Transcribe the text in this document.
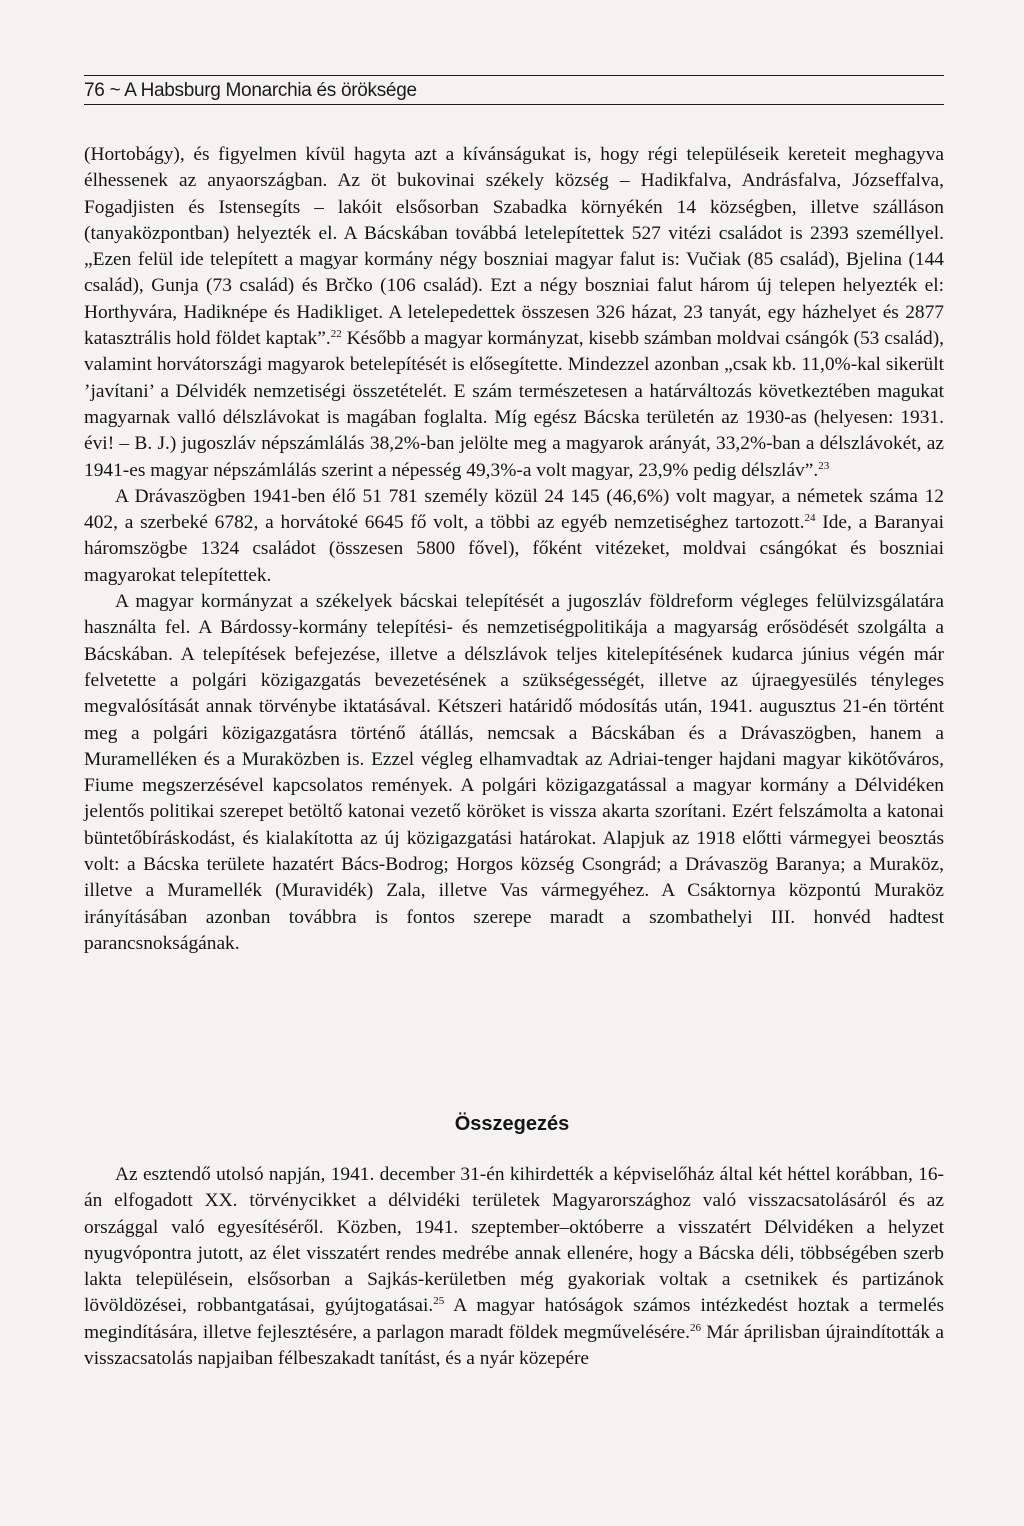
76 ~ A Habsburg Monarchia és öröksége

(Hortobágy), és figyelmen kívül hagyta azt a kívánságukat is, hogy régi településeik kereteit meghagyva élhessenek az anyaországban. Az öt bukovinai székely község – Hadikfalva, Andrásfalva, Józseffalva, Fogadjisten és Istensegíts – lakóit elsősorban Szabadka környékén 14 községben, illetve szálláson (tanyaközpontban) helyezték el. A Bácskában továbbá letelepítettek 527 vitézi családot is 2393 személlyel. „Ezen felül ide telepített a magyar kormány négy boszniai magyar falut is: Vučiak (85 család), Bjelina (144 család), Gunja (73 család) és Brčko (106 család). Ezt a négy boszniai falut három új telepen helyezték el: Horthyvára, Hadiknépe és Hadikliget. A letelepedettek összesen 326 házat, 23 tanyát, egy házhelyet és 2877 katasztrális hold földet kaptak”.$^{22}$ Később a magyar kormányzat, kisebb számban moldvai csángók (53 család), valamint horvátországi magyarok betelepítését is elősegítette. Mindezzel azonban „csak kb. 11,0%-kal sikerült ’javítani’ a Délvidék nemzetiségi összetételét. E szám természetesen a határváltozás következtében magukat magyarnak valló délszlávokat is magában foglalta. Míg egész Bácska területén az 1930-as (helyesen: 1931. évi! – B. J.) jugoszláv népszámlálás 38,2%-ban jelölte meg a magyarok arányát, 33,2%-ban a délszlávokét, az 1941-es magyar népszámlálás szerint a népesség 49,3%-a volt magyar, 23,9% pedig délszláv”.$^{23}$

A Drávaszögben 1941-ben élő 51 781 személy közül 24 145 (46,6%) volt magyar, a németek száma 12 402, a szerbeké 6782, a horvátoké 6645 fő volt, a többi az egyéb nemzetiséghez tartozott.$^{24}$ Ide, a Baranyai háromszögbe 1324 családot (összesen 5800 fővel), főként vitézeket, moldvai csángókat és boszniai magyarokat telepítettek.

A magyar kormányzat a székelyek bácskai telepítését a jugoszláv földreform végleges felülvizsgálatára használta fel. A Bárdossy-kormány telepítési- és nemzetiségpolitikája a magyarság erősödését szolgálta a Bácskában. A telepítések befejezése, illetve a délszlávok teljes kitelepítésének kudarca június végén már felvetette a polgári közigazgatás bevezetésének a szükségességét, illetve az újraegyesülés tényleges megvalósítását annak törvénybe iktatásával. Kétszeri határidő módosítás után, 1941. augusztus 21-én történt meg a polgári közigazgatásra történő átállás, nemcsak a Bácskában és a Drávaszögben, hanem a Muramelléken és a Muraközben is. Ezzel végleg elhamvadtak az Adriai-tenger hajdani magyar kikötőváros, Fiume megszerzésével kapcsolatos remények. A polgári közigazgatással a magyar kormány a Délvidéken jelentős politikai szerepet betöltő katonai vezető köröket is vissza akarta szorítani. Ezért felszámolta a katonai büntetőbíráskodást, és kialakította az új közigazgatási határokat. Alapjuk az 1918 előtti vármegyei beosztás volt: a Bácska területe hazatért Bács-Bodrog; Horgos község Csongrád; a Drávaszög Baranya; a Muraköz, illetve a Muramellék (Muravidék) Zala, illetve Vas vármegyéhez. A Csáktornya központú Muraköz irányításában azonban továbbra is fontos szerepe maradt a szombathelyi III. honvéd hadtest parancsnokságának.

Összegezés

Az esztendő utolsó napján, 1941. december 31-én kihirdették a képviselőház által két héttel korábban, 16-án elfogadott XX. törvénycikket a délvidéki területek Magyarországhoz való visszacsatolásáról és az országgal való egyesítéséről. Közben, 1941. szeptember–októberre a visszatért Délvidéken a helyzet nyugvópontra jutott, az élet visszatért rendes medrébe annak ellenére, hogy a Bácska déli, többségében szerb lakta településein, elsősorban a Sajkás-kerületben még gyakoriak voltak a csetnikek és partizánok lövöldözései, robbantgatásai, gyújtogatásai.$^{25}$ A magyar hatóságok számos intézkedést hoztak a termelés megindítására, illetve fejlesztésére, a parlagon maradt földek megművelésére.$^{26}$ Már áprilisban újraindították a visszacsatolás napjaiban félbeszakadt tanítást, és a nyár közepére
